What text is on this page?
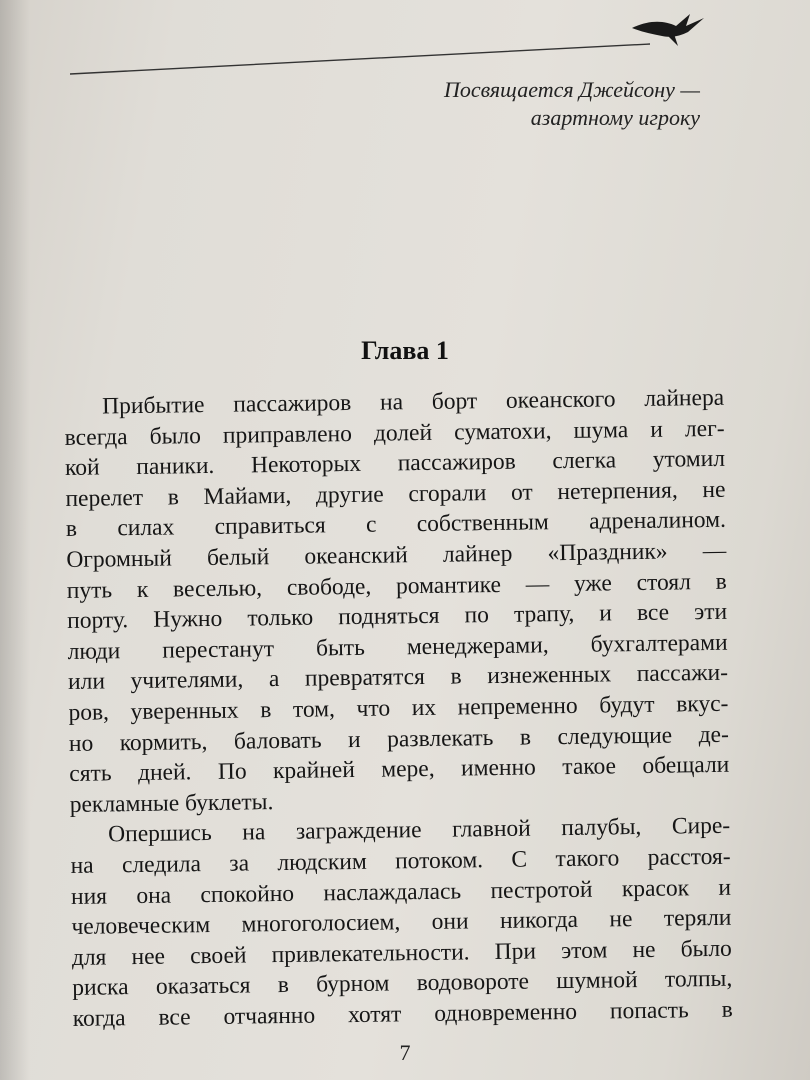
Посвящается Джейсону —
азартному игроку
Глава 1
Прибытие пассажиров на борт океанского лайнера
всегда было приправлено долей суматохи, шума и лег-
кой паники. Некоторых пассажиров слегка утомил
перелет в Майами, другие сгорали от нетерпения, не
в силах справиться с собственным адреналином.
Огромный белый океанский лайнер «Праздник» —
путь к веселью, свободе, романтике — уже стоял в
порту. Нужно только подняться по трапу, и все эти
люди перестанут быть менеджерами, бухгалтерами
или учителями, а превратятся в изнеженных пассажи-
ров, уверенных в том, что их непременно будут вкус-
но кормить, баловать и развлекать в следующие де-
сять дней. По крайней мере, именно такое обещали
рекламные буклеты.
Опершись на заграждение главной палубы, Сире-
на следила за людским потоком. С такого расстоя-
ния она спокойно наслаждалась пестротой красок и
человеческим многоголосием, они никогда не теряли
для нее своей привлекательности. При этом не было
риска оказаться в бурном водовороте шумной толпы,
когда все отчаянно хотят одновременно попасть в
7
